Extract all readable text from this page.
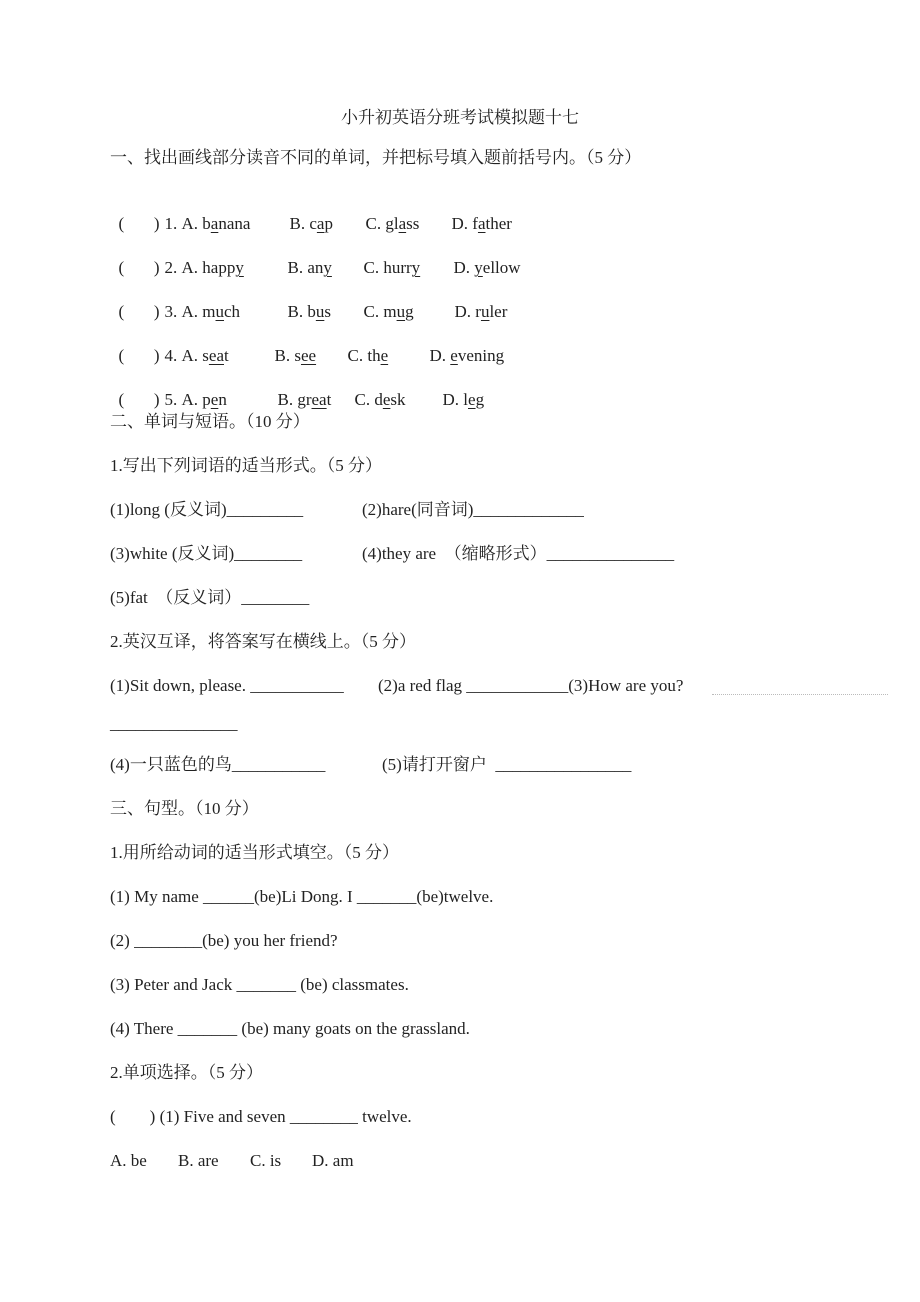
小升初英语分班考试模拟题十七
一、找出画线部分读音不同的单词，并把标号填入题前括号内。（5 分）

(       ) 1. A. banana B. cap C. glass D. father

(       ) 2. A. happy	B. any C. hurry D. yellow

(       ) 3. A. much	B. bus C. mug D. ruler

(       ) 4. A. seat	B. see C. the D. evening

(       ) 5. A. pen	B. great C. desk D. leg

二、单词与短语。（10 分）
1.写出下列词语的适当形式。（5 分）
(1)long (反义词)_________	(2)hare(同音词)_____________
(3)white (反义词)________	(4)they are  （缩略形式）_______________
(5)fat  （反义词）________
2.英汉互译，将答案写在横线上。（5 分）
(1)Sit down, please. ___________ (2)a red flag ____________(3)How are you?
_______________
(4)一只蓝色的鸟___________	(5)请打开窗户  ________________
三、句型。（10 分）
1.用所给动词的适当形式填空。（5 分）
(1) My name ______(be)Li Dong. I _______(be)twelve.
(2) ________(be) you her friend?
(3) Peter and Jack _______ (be) classmates.
(4) There _______ (be) many goats on the grassland.
2.单项选择。（5 分）
(        ) (1) Five and seven ________ twelve.
A. be B. are C. is D. am
